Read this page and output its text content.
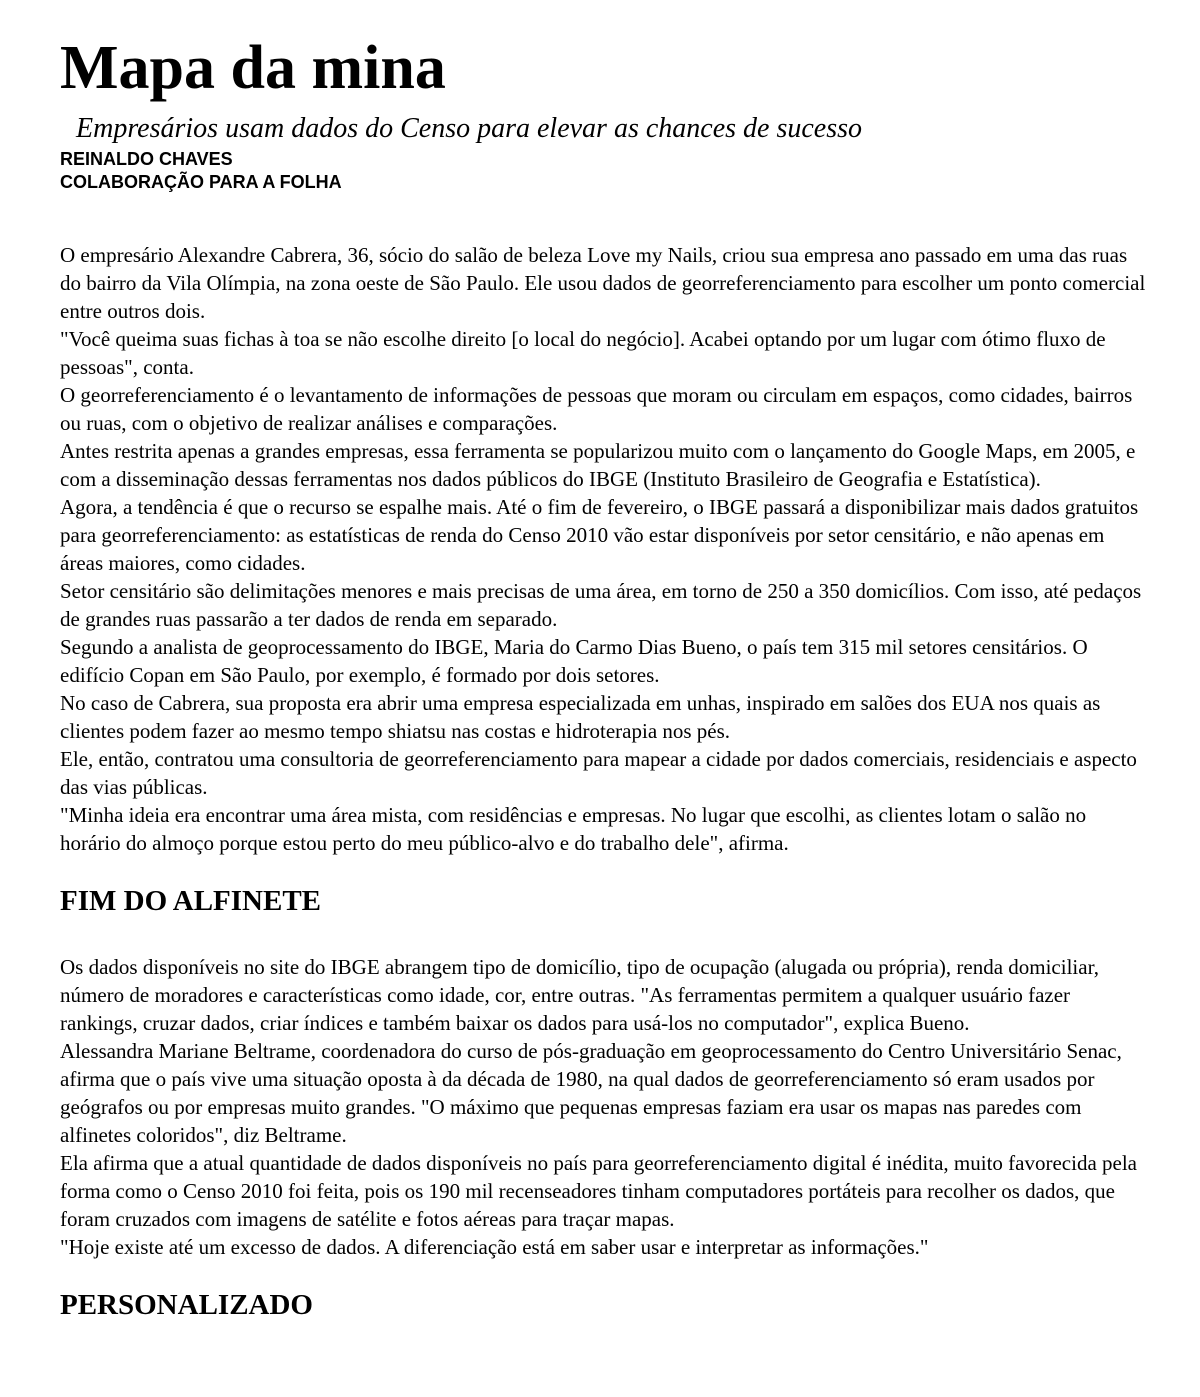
Mapa da mina
Empresários usam dados do Censo para elevar as chances de sucesso
REINALDO CHAVES
COLABORAÇÃO PARA A FOLHA

O empresário Alexandre Cabrera, 36, sócio do salão de beleza Love my Nails, criou sua empresa ano passado em uma das ruas do bairro da Vila Olímpia, na zona oeste de São Paulo. Ele usou dados de georreferenciamento para escolher um ponto comercial entre outros dois.

"Você queima suas fichas à toa se não escolhe direito [o local do negócio]. Acabei optando por um lugar com ótimo fluxo de pessoas", conta.

O georreferenciamento é o levantamento de informações de pessoas que moram ou circulam em espaços, como cidades, bairros ou ruas, com o objetivo de realizar análises e comparações.

Antes restrita apenas a grandes empresas, essa ferramenta se popularizou muito com o lançamento do Google Maps, em 2005, e com a disseminação dessas ferramentas nos dados públicos do IBGE (Instituto Brasileiro de Geografia e Estatística).

Agora, a tendência é que o recurso se espalhe mais. Até o fim de fevereiro, o IBGE passará a disponibilizar mais dados gratuitos para georreferenciamento: as estatísticas de renda do Censo 2010 vão estar disponíveis por setor censitário, e não apenas em áreas maiores, como cidades.

Setor censitário são delimitações menores e mais precisas de uma área, em torno de 250 a 350 domicílios. Com isso, até pedaços de grandes ruas passarão a ter dados de renda em separado.

Segundo a analista de geoprocessamento do IBGE, Maria do Carmo Dias Bueno, o país tem 315 mil setores censitários. O edifício Copan em São Paulo, por exemplo, é formado por dois setores.

No caso de Cabrera, sua proposta era abrir uma empresa especializada em unhas, inspirado em salões dos EUA nos quais as clientes podem fazer ao mesmo tempo shiatsu nas costas e hidroterapia nos pés.

Ele, então, contratou uma consultoria de georreferenciamento para mapear a cidade por dados comerciais, residenciais e aspecto das vias públicas.

"Minha ideia era encontrar uma área mista, com residências e empresas. No lugar que escolhi, as clientes lotam o salão no horário do almoço porque estou perto do meu público-alvo e do trabalho dele", afirma.

FIM DO ALFINETE

Os dados disponíveis no site do IBGE abrangem tipo de domicílio, tipo de ocupação (alugada ou própria), renda domiciliar, número de moradores e características como idade, cor, entre outras. "As ferramentas permitem a qualquer usuário fazer rankings, cruzar dados, criar índices e também baixar os dados para usá-los no computador", explica Bueno.

Alessandra Mariane Beltrame, coordenadora do curso de pós-graduação em geoprocessamento do Centro Universitário Senac, afirma que o país vive uma situação oposta à da década de 1980, na qual dados de georreferenciamento só eram usados por geógrafos ou por empresas muito grandes. "O máximo que pequenas empresas faziam era usar os mapas nas paredes com alfinetes coloridos", diz Beltrame.

Ela afirma que a atual quantidade de dados disponíveis no país para georreferenciamento digital é inédita, muito favorecida pela forma como o Censo 2010 foi feita, pois os 190 mil recenseadores tinham computadores portáteis para recolher os dados, que foram cruzados com imagens de satélite e fotos aéreas para traçar mapas.

"Hoje existe até um excesso de dados. A diferenciação está em saber usar e interpretar as informações."

PERSONALIZADO
